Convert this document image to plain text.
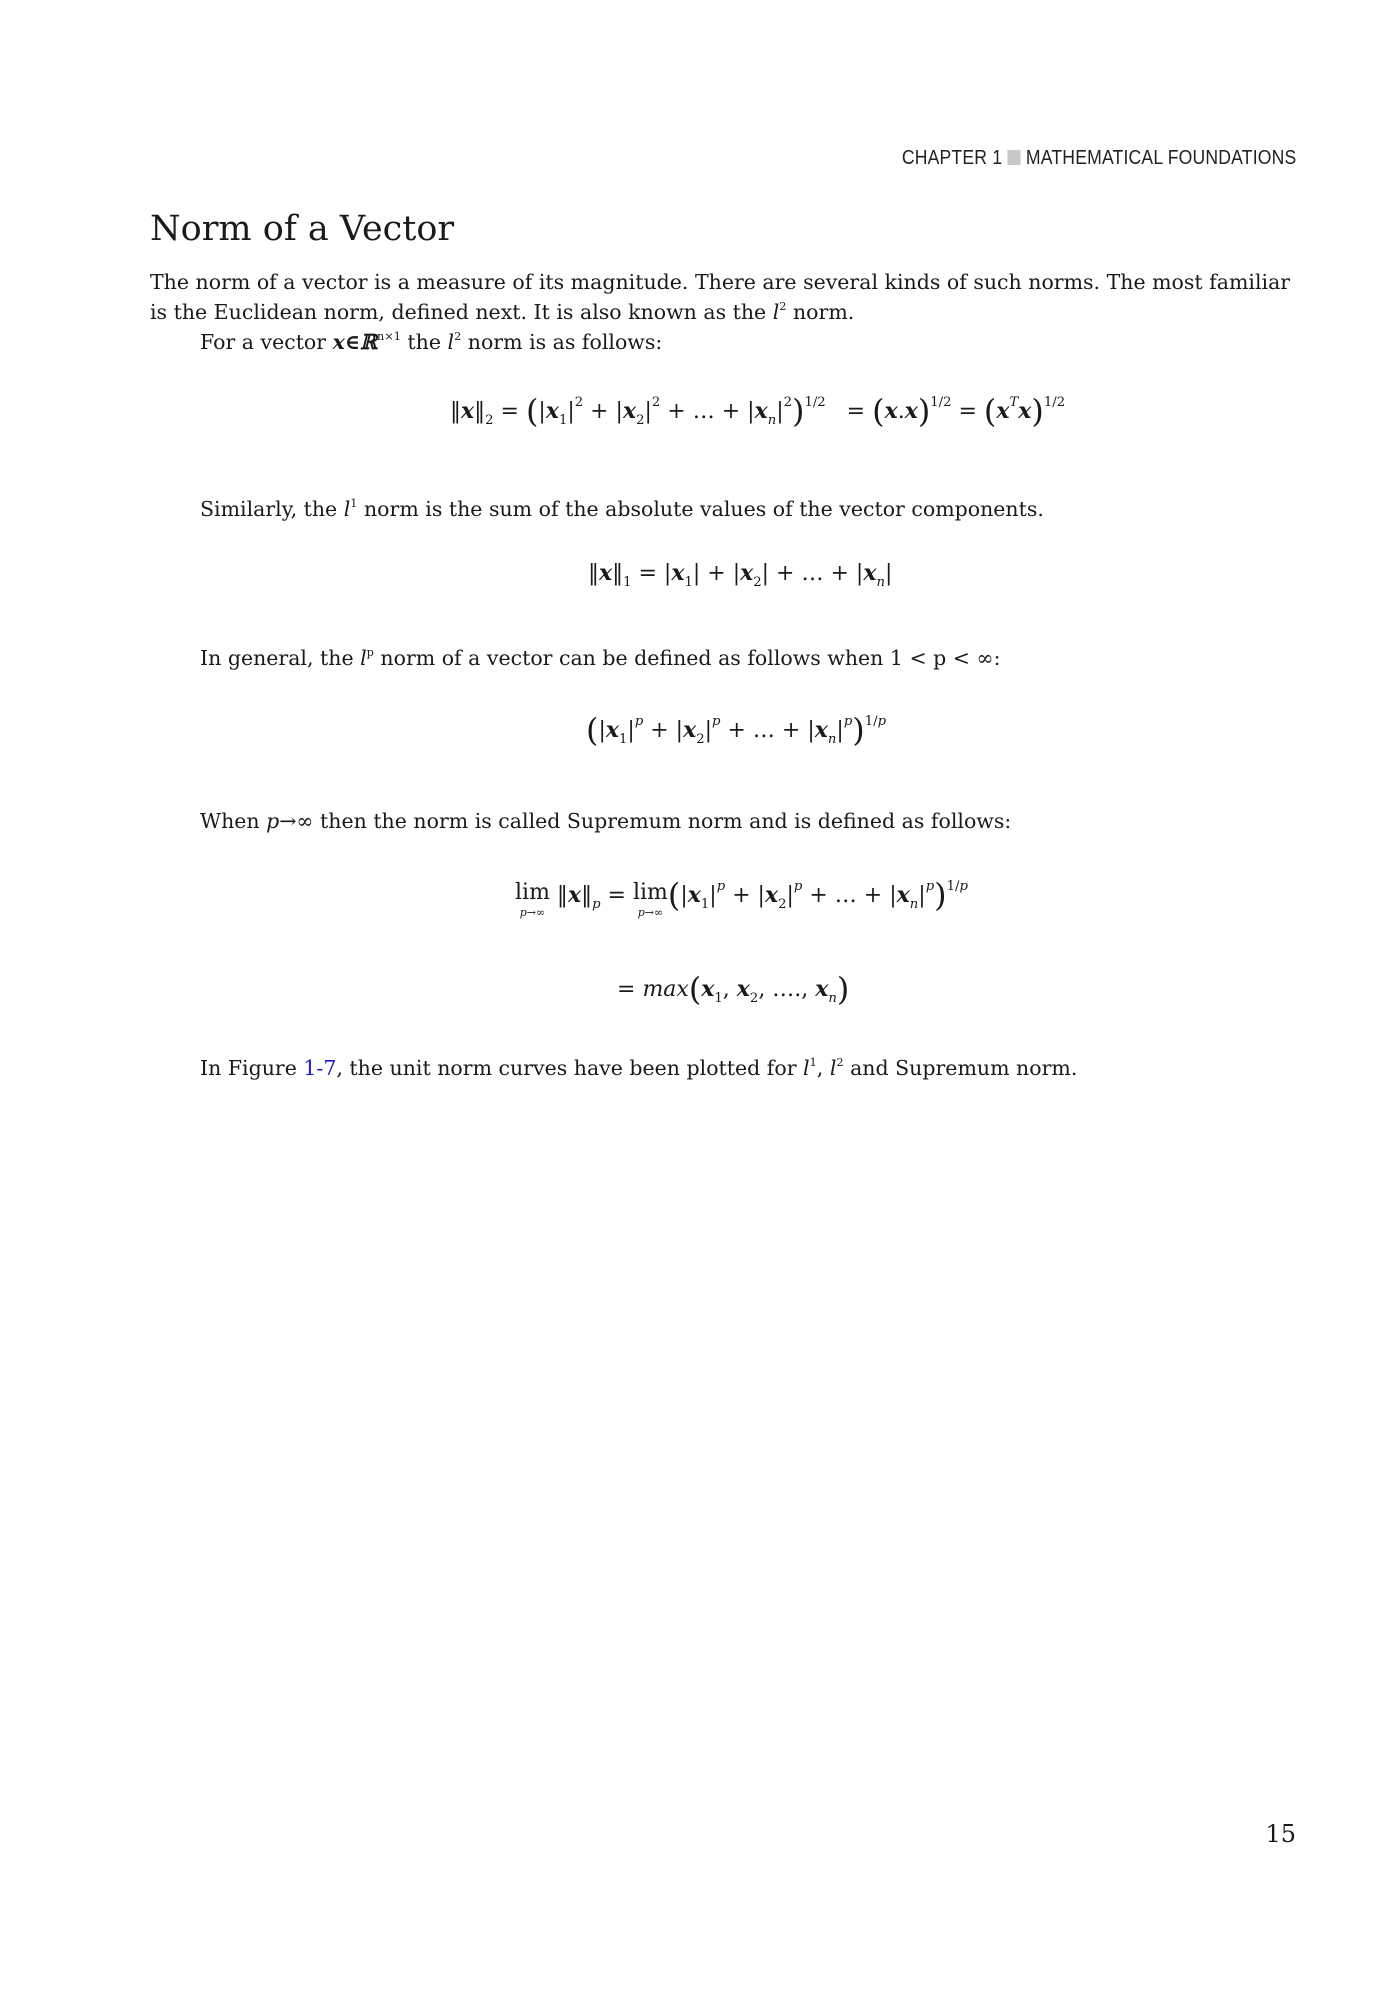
CHAPTER 1 MATHEMATICAL FOUNDATIONS
Norm of a Vector
The norm of a vector is a measure of its magnitude. There are several kinds of such norms. The most familiar
is the Euclidean norm, defined next. It is also known as the $l^2$ norm.
For a vector x∈ℝ$^{n\times 1}$ the $l^2$ norm is as follows:
$‖x‖_2 = (|x_1|^2 + |x_2|^2$ + … + $|x_n|^2)^{1/2} = (x.x)^{1/2} = (x^Tx)^{1/2}$
Similarly, the $l^1$ norm is the sum of the absolute values of the vector components.
$‖x‖_1 = |x_1| + |x_2|$ + … + $|x_n|$
In general, the $l^p$ norm of a vector can be defined as follows when 1 < p < ∞:
($|x_1|^p + |x_2|^p$ + … + $|x_n|^p)^{1/p}$
When p→∞ then the norm is called Supremum norm and is defined as follows:
lim
p→∞
$‖x‖_p = \lim$
p→∞ ($|x_1|^p + |x_2|^p$ + … + $|x_n|^p)^{1/p}$
= $\max(x_1$, $x_2$, …., $x_n$)
In Figure 1-7, the unit norm curves have been plotted for $l^1$, $l^2$ and Supremum norm.
15
